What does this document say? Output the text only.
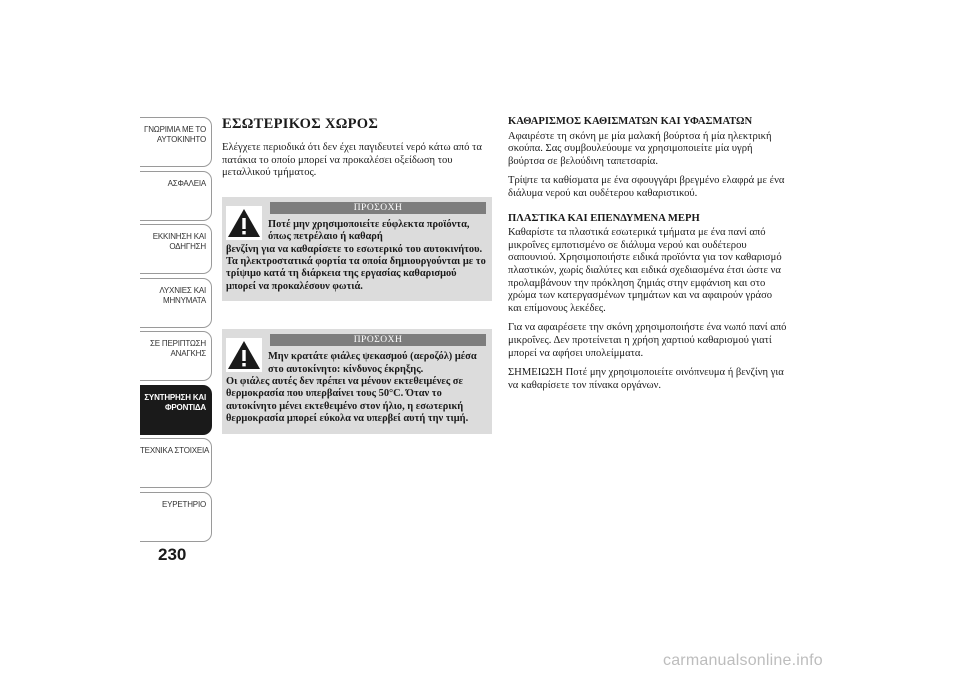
ΓΝΩΡΙΜΙΑ ΜΕ ΤΟ
ΑΥΤΟΚΙΝΗΤΟ
ΑΣΦΑΛΕΙΑ
ΕΚΚΙΝΗΣΗ ΚΑΙ
ΟΔΗΓΗΣΗ
ΛΥΧΝΙΕΣ ΚΑΙ
ΜΗΝΥΜΑΤΑ
ΣΕ ΠΕΡΙΠΤΩΣΗ
ΑΝΑΓΚΗΣ
ΣΥΝΤΗΡΗΣΗ ΚΑΙ
ΦΡΟΝΤΙΔΑ
ΤΕΧΝΙΚΑ ΣΤΟΙΧΕΙΑ
ΕΥΡΕΤΗΡΙΟ
230
ΕΣΩΤΕΡΙΚΟΣ ΧΩΡΟΣ

Ελέγχετε περιοδικά ότι δεν έχει παγιδευτεί νερό κάτω από τα πατάκια το οποίο μπορεί να προκαλέσει οξείδωση του μεταλλικού τμήματος.

ΠΡΟΣΟΧΗ
Ποτέ μην χρησιμοποιείτε εύφλεκτα προϊόντα, όπως πετρέλαιο ή καθαρή
βενζίνη για να καθαρίσετε το εσωτερικό του αυτοκινήτου. Τα ηλεκτροστατικά φορτία τα οποία δημιουργούνται με το τρίψιμο κατά τη διάρκεια της εργασίας καθαρισμού μπορεί να προκαλέσουν φωτιά.
ΠΡΟΣΟΧΗ
Μην κρατάτε φιάλες ψεκασμού (αεροζόλ) μέσα στο αυτοκίνητο: κίνδυνος έκρηξης.
Οι φιάλες αυτές δεν πρέπει να μένουν εκτεθειμένες σε θερμοκρασία που υπερβαίνει τους 50°C. Όταν το αυτοκίνητο μένει εκτεθειμένο στον ήλιο, η εσωτερική θερμοκρασία μπορεί εύκολα να υπερβεί αυτή την τιμή.
ΚΑΘΑΡΙΣΜΟΣ ΚΑΘΙΣΜΑΤΩΝ ΚΑΙ ΥΦΑΣΜΑΤΩΝ

Αφαιρέστε τη σκόνη με μία μαλακή βούρτσα ή μία ηλεκτρική σκούπα. Σας συμβουλεύουμε να χρησιμοποιείτε μία υγρή βούρτσα σε βελούδινη ταπετσαρία.

Τρίψτε τα καθίσματα με ένα σφουγγάρι βρεγμένο ελαφρά με ένα διάλυμα νερού και ουδέτερου καθαριστικού.

ΠΛΑΣΤΙΚΑ ΚΑΙ ΕΠΕΝΔΥΜΕΝΑ ΜΕΡΗ

Καθαρίστε τα πλαστικά εσωτερικά τμήματα με ένα πανί από μικροΐνες εμποτισμένο σε διάλυμα νερού και ουδέτερου σαπουνιού. Χρησιμοποιήστε ειδικά προϊόντα για τον καθαρισμό πλαστικών, χωρίς διαλύτες και ειδικά σχεδιασμένα έτσι ώστε να προλαμβάνουν την πρόκληση ζημιάς στην εμφάνιση και στο χρώμα των κατεργασμένων τμημάτων και να αφαιρούν γράσο και επίμονους λεκέδες.

Για να αφαιρέσετε την σκόνη χρησιμοποιήστε ένα νωπό πανί από μικροΐνες. Δεν προτείνεται η χρήση χαρτιού καθαρισμού γιατί μπορεί να αφήσει υπολείμματα.

ΣΗΜΕΙΩΣΗ Ποτέ μην χρησιμοποιείτε οινόπνευμα ή βενζίνη για να καθαρίσετε τον πίνακα οργάνων.

carmanualsonline.info
